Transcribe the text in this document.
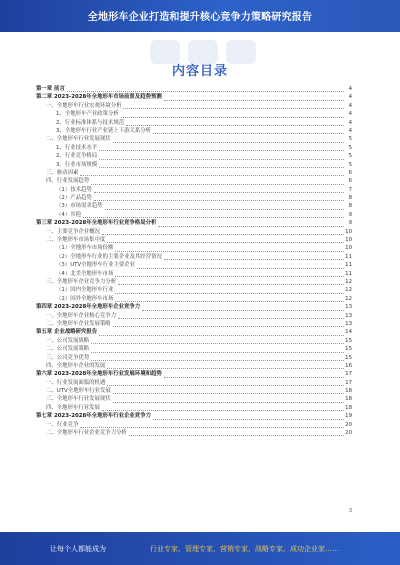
全地形车企业打造和提升核心竞争力策略研究报告
内容目录
第一章 前言	4
第二章 2023-2028年全地形车市场前景及趋势预测	4
一、全地形车行业宏观环境分析	4
1、全地形车产业政策分析	4
2、行业标准体系与技术规范	4
3、全地形车行业产业链上下游关系分析	4
二、全地形车行业发展现状	5
1、行业技术水平	5
2、行业竞争格局	5
3、行业市场规模	5
三、驱动因素	6
四、行业发展趋势	6
（1）技术趋势	7
（2）产品趋势	8
（3）市场需求趋势	8
（4）其他	9
第三章 2023-2028年全地形车行业竞争格局分析	9
一、主要竞争企业概况	10
二、全地形车市场集中度	10
（1）全地形车市场份额	10
（2）全地形车行业的主要企业及其经营情况	11
（3）UTV全地形车行业主要企业	11
（4）北美全地形车市场	11
三、全地形车企业竞争力分析	12
（1）国内全地形车行业	12
（2）国外全地形车市场	12
第四章 2023-2028年全地形车企业竞争力	13
一、全地形车企业核心竞争力	13
二、全地形车企业发展策略	13
第五章 企业战略研究报告	14
一、公司发展战略	15
二、公司发展策略	15
三、公司竞争优势	15
四、全地形车企业的发展	16
第六章 2023-2028年全地形车行业发展环境和趋势	17
一、行业发展面临的机遇	17
二、UTV全地形车行业发展	18
三、全地形车行业发展现状	18
四、全地形车行业发展	18
第七章 2023-2028年全地形车行业企业竞争力	19
一、行业竞争	20
二、全地形车行业企业竞争力分析	20
3
让每个人都能成为	行业专家、管理专家、营销专家、战略专家、成功企业家……
